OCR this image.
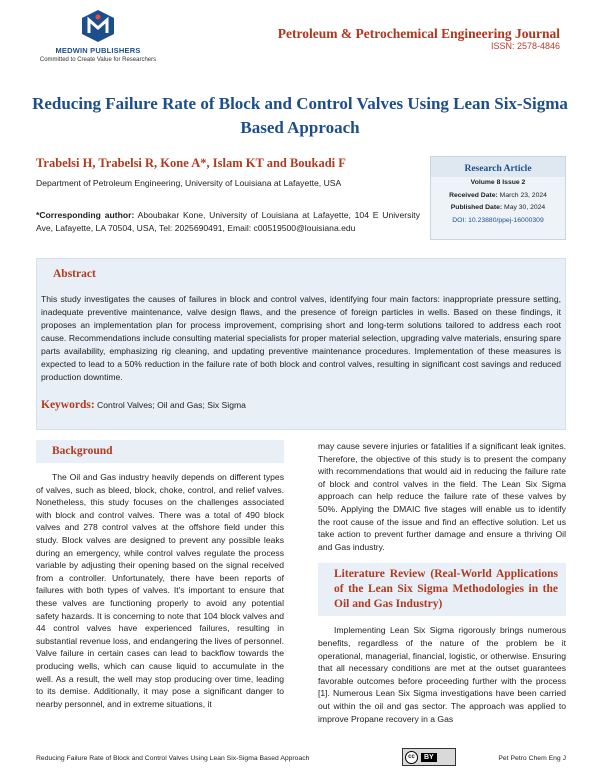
MEDWIN PUBLISHERS
Committed to Create Value for Researchers
Petroleum & Petrochemical Engineering Journal
ISSN: 2578-4846
Reducing Failure Rate of Block and Control Valves Using Lean Six-Sigma Based Approach
Trabelsi H, Trabelsi R, Kone A*, Islam KT and Boukadi F
Department of Petroleum Engineering, University of Louisiana at Lafayette, USA
*Corresponding author: Aboubakar Kone, University of Louisiana at Lafayette, 104 E University Ave, Lafayette, LA 70504, USA, Tel: 2025690491, Email: c00519500@louisiana.edu
Research Article
Volume 8 Issue 2
Received Date: March 23, 2024
Published Date: May 30, 2024
DOI: 10.23880/ppej-16000309
Abstract
This study investigates the causes of failures in block and control valves, identifying four main factors: inappropriate pressure setting, inadequate preventive maintenance, valve design flaws, and the presence of foreign particles in wells. Based on these findings, it proposes an implementation plan for process improvement, comprising short and long-term solutions tailored to address each root cause. Recommendations include consulting material specialists for proper material selection, upgrading valve materials, ensuring spare parts availability, emphasizing rig cleaning, and updating preventive maintenance procedures. Implementation of these measures is expected to lead to a 50% reduction in the failure rate of both block and control valves, resulting in significant cost savings and reduced production downtime.
Keywords: Control Valves; Oil and Gas; Six Sigma
Background

The Oil and Gas industry heavily depends on different types of valves, such as bleed, block, choke, control, and relief valves. Nonetheless, this study focuses on the challenges associated with block and control valves. There was a total of 490 block valves and 278 control valves at the offshore field under this study. Block valves are designed to prevent any possible leaks during an emergency, while control valves regulate the process variable by adjusting their opening based on the signal received from a controller. Unfortunately, there have been reports of failures with both types of valves. It's important to ensure that these valves are functioning properly to avoid any potential safety hazards. It is concerning to note that 104 block valves and 44 control valves have experienced failures, resulting in substantial revenue loss, and endangering the lives of personnel. Valve failure in certain cases can lead to backflow towards the producing wells, which can cause liquid to accumulate in the well. As a result, the well may stop producing over time, leading to its demise. Additionally, it may pose a significant danger to nearby personnel, and in extreme situations, it

may cause severe injuries or fatalities if a significant leak ignites. Therefore, the objective of this study is to present the company with recommendations that would aid in reducing the failure rate of block and control valves in the field. The Lean Six Sigma approach can help reduce the failure rate of these valves by 50%. Applying the DMAIC five stages will enable us to identify the root cause of the issue and find an effective solution. Let us take action to prevent further damage and ensure a thriving Oil and Gas industry.

Literature Review (Real-World Applications of the Lean Six Sigma Methodologies in the Oil and Gas Industry)

Implementing Lean Six Sigma rigorously brings numerous benefits, regardless of the nature of the problem be it operational, managerial, financial, logistic, or otherwise. Ensuring that all necessary conditions are met at the outset guarantees favorable outcomes before proceeding further with the process [1]. Numerous Lean Six Sigma investigations have been carried out within the oil and gas sector. The approach was applied to improve Propane recovery in a Gas

Reducing Failure Rate of Block and Control Valves Using Lean Six-Sigma Based Approach	cc	BY	Pet Petro Chem Eng J
